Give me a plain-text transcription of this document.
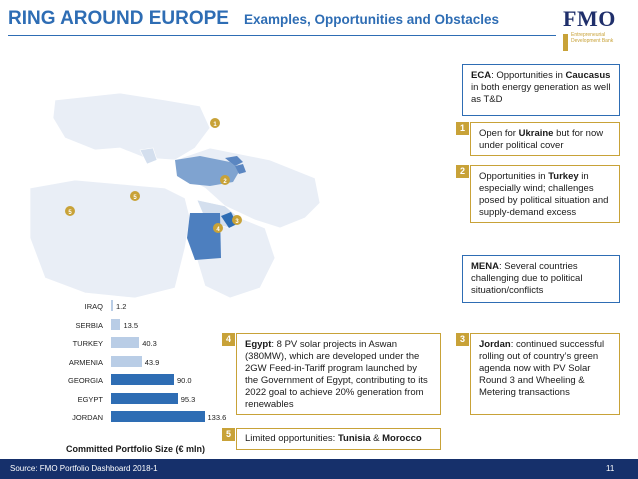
RING AROUND EUROPE Examples, Opportunities and Obstacles	FMO
Entrepreneurial Development Bank
1
2
3
4
5
5
IRAQ 1.2
SERBIA	13.5
TURKEY	40.3
ARMENIA	43.9
GEORGIA	90.0
EGYPT	95.3
JORDAN	133.6
Committed Portfolio Size (€ mln)
ECA: Opportunities in Caucasus in both energy generation as well as T&D
1	Open for Ukraine but for now under political cover
2	Opportunities in Turkey in especially wind; challenges posed by political situation and supply-demand excess
MENA: Several countries challenging due to political situation/conflicts
3	Jordan: continued successful rolling out of country’s green agenda now with PV Solar Round 3 and Wheeling & Metering transactions
4	Egypt: 8 PV solar projects in Aswan (380MW), which are developed under the 2GW Feed-in-Tariff program launched by the Government of Egypt, contributing to its 2022 goal to achieve 20% generation from renewables
5	Limited opportunities: Tunisia & Morocco
Source: FMO Portfolio Dashboard 2018-1	11
